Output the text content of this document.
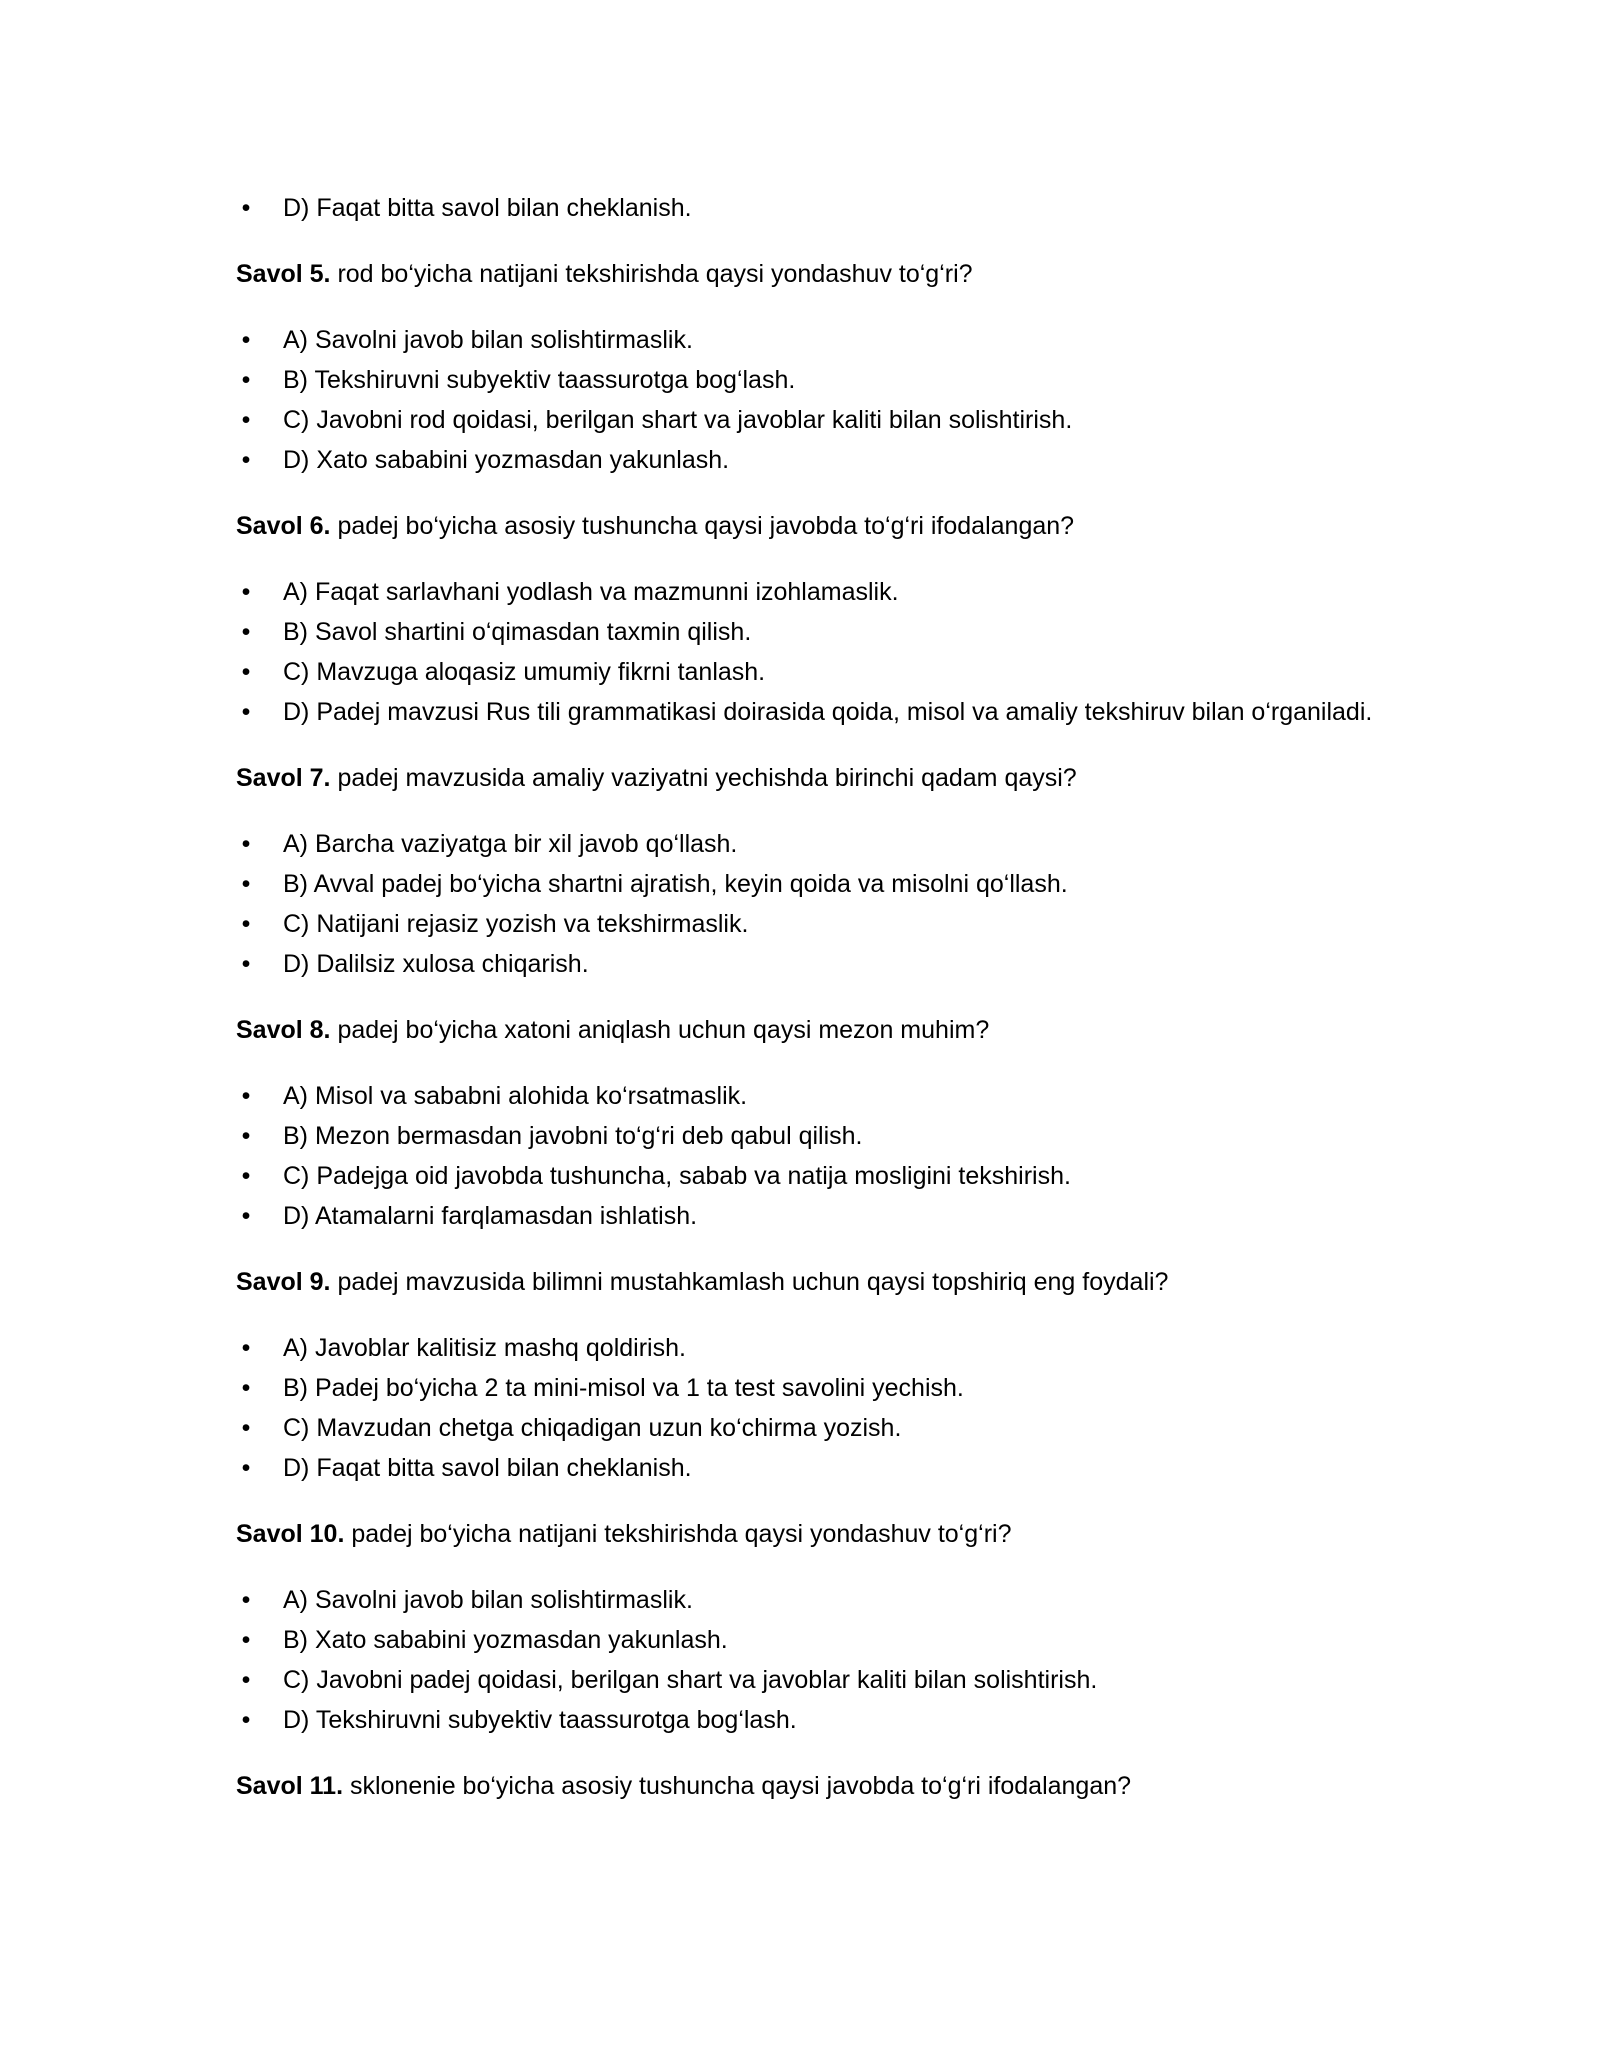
• D) Faqat bitta savol bilan cheklanish.

Savol 5. rod bo‘yicha natijani tekshirishda qaysi yondashuv to‘g‘ri?

• A) Savolni javob bilan solishtirmaslik.
• B) Tekshiruvni subyektiv taassurotga bog‘lash.
• C) Javobni rod qoidasi, berilgan shart va javoblar kaliti bilan solishtirish.
• D) Xato sababini yozmasdan yakunlash.

Savol 6. padej bo‘yicha asosiy tushuncha qaysi javobda to‘g‘ri ifodalangan?

• A) Faqat sarlavhani yodlash va mazmunni izohlamaslik.
• B) Savol shartini o‘qimasdan taxmin qilish.
• C) Mavzuga aloqasiz umumiy fikrni tanlash.
• D) Padej mavzusi Rus tili grammatikasi doirasida qoida, misol va amaliy tekshiruv bilan o‘rganiladi.

Savol 7. padej mavzusida amaliy vaziyatni yechishda birinchi qadam qaysi?

• A) Barcha vaziyatga bir xil javob qo‘llash.
• B) Avval padej bo‘yicha shartni ajratish, keyin qoida va misolni qo‘llash.
• C) Natijani rejasiz yozish va tekshirmaslik.
• D) Dalilsiz xulosa chiqarish.

Savol 8. padej bo‘yicha xatoni aniqlash uchun qaysi mezon muhim?

• A) Misol va sababni alohida ko‘rsatmaslik.
• B) Mezon bermasdan javobni to‘g‘ri deb qabul qilish.
• C) Padejga oid javobda tushuncha, sabab va natija mosligini tekshirish.
• D) Atamalarni farqlamasdan ishlatish.

Savol 9. padej mavzusida bilimni mustahkamlash uchun qaysi topshiriq eng foydali?

• A) Javoblar kalitisiz mashq qoldirish.
• B) Padej bo‘yicha 2 ta mini-misol va 1 ta test savolini yechish.
• C) Mavzudan chetga chiqadigan uzun ko‘chirma yozish.
• D) Faqat bitta savol bilan cheklanish.

Savol 10. padej bo‘yicha natijani tekshirishda qaysi yondashuv to‘g‘ri?

• A) Savolni javob bilan solishtirmaslik.
• B) Xato sababini yozmasdan yakunlash.
• C) Javobni padej qoidasi, berilgan shart va javoblar kaliti bilan solishtirish.
• D) Tekshiruvni subyektiv taassurotga bog‘lash.

Savol 11. sklonenie bo‘yicha asosiy tushuncha qaysi javobda to‘g‘ri ifodalangan?
